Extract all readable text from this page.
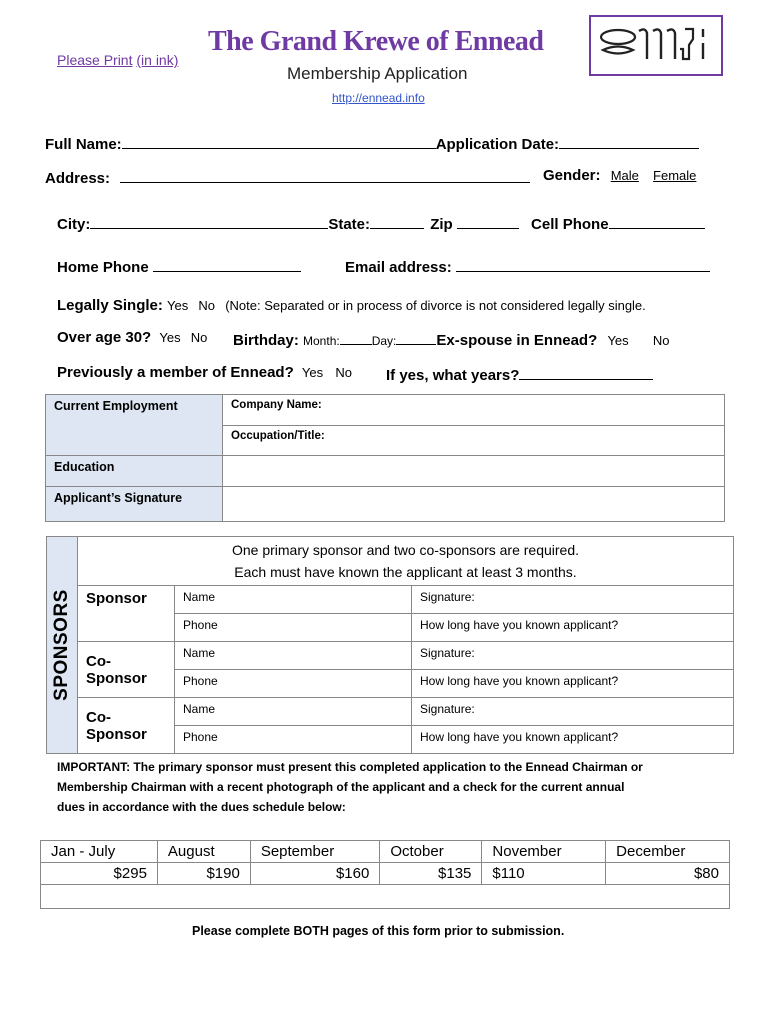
Please Print (in ink)
The Grand Krewe of Ennead
Membership Application
http://ennead.info
Full Name:	Application Date:
Address:	Gender: Male Female
City:	State:	Zip	Cell Phone
Home Phone	Email address:
Legally Single: Yes No (Note: Separated or in process of divorce is not considered legally single.
Over age 30? Yes No Birthday: Month:	Day:	Ex-spouse in Ennead? Yes No
Previously a member of Ennead? Yes No If yes, what years?
Current Employment	Company Name:
	Occupation/Title:
Education	
Applicant’s Signature	
SPONSORS	One primary sponsor and two co-sponsors are required.
Each must have known the applicant at least 3 months.		

	Sponsor	Name	Signature:
		Phone	How long have you known applicant?
	Co-Sponsor	Name	Signature:
		Phone	How long have you known applicant?
	Co-Sponsor	Name	Signature:
		Phone	How long have you known applicant?
IMPORTANT: The primary sponsor must present this completed application to the Ennead Chairman or
Membership Chairman with a recent photograph of the applicant and a check for the current annual
dues in accordance with the dues schedule below:
Jan - July	August	September	October	November	December
$295	$190	$160	$135	$110	$80

Please complete BOTH pages of this form prior to submission.
